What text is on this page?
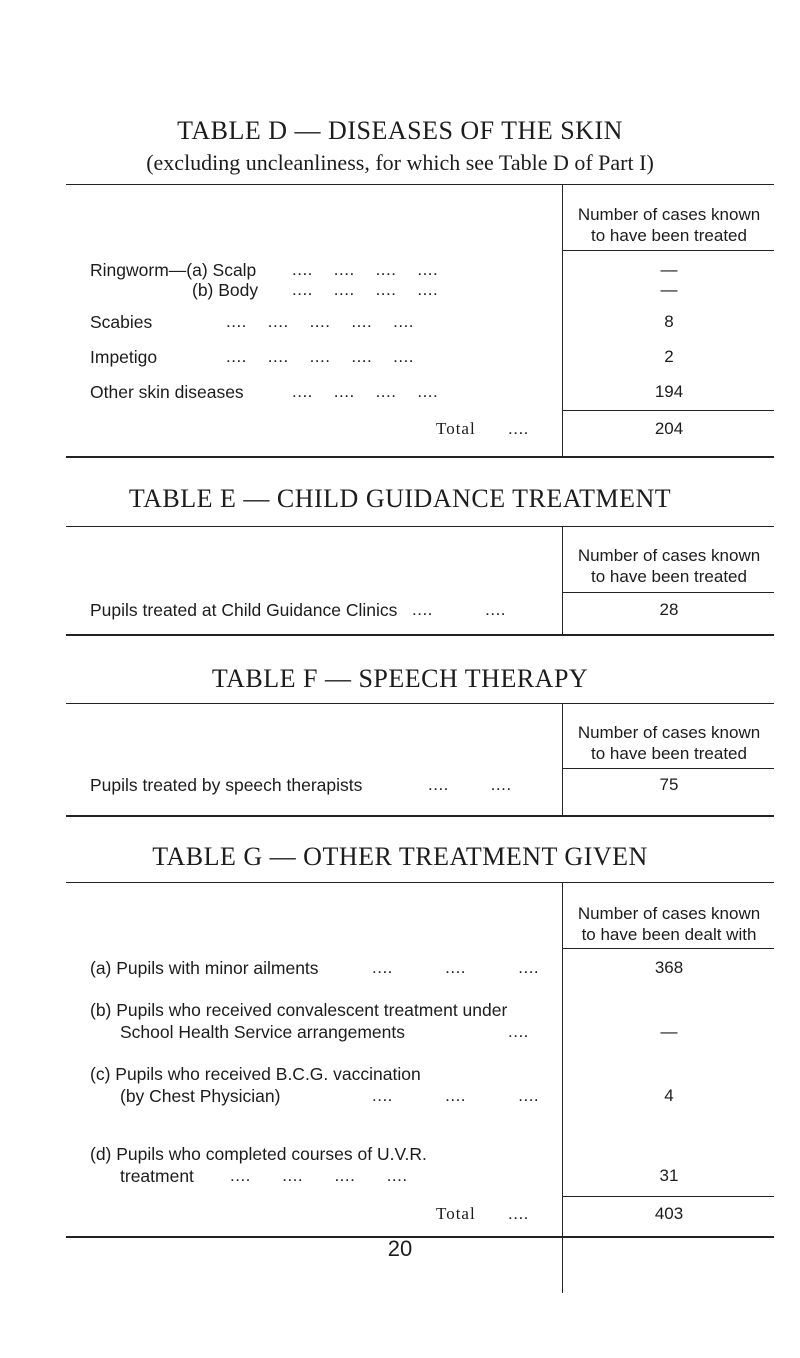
TABLE D — DISEASES OF THE SKIN
(excluding uncleanliness, for which see Table D of Part I)
Number of cases known
to have been treated
Ringworm—(a) Scalp ....    ....    ....    ....	—
(b) Body ....    ....    ....    ....	—
Scabies	....    ....    ....    ....    ....	8
Impetigo	....    ....    ....    ....    ....	2
Other skin diseases	....    ....    ....    ....	194
Total ....	204
TABLE E — CHILD GUIDANCE TREATMENT
Number of cases known
to have been treated
Pupils treated at Child Guidance Clinics ....          ....	28
TABLE F — SPEECH THERAPY
Number of cases known
to have been treated
Pupils treated by speech therapists	....        ....	75
TABLE G — OTHER TREATMENT GIVEN
Number of cases known
to have been dealt with
(a) Pupils with minor ailments	....          ....          ....	368
(b) Pupils who received convalescent treatment under
School Health Service arrangements	....	—
(c) Pupils who received B.C.G. vaccination
(by Chest Physician)	....          ....          ....	4
(d) Pupils who completed courses of U.V.R.
treatment ....      ....      ....      ....	31
Total ....	403
20
